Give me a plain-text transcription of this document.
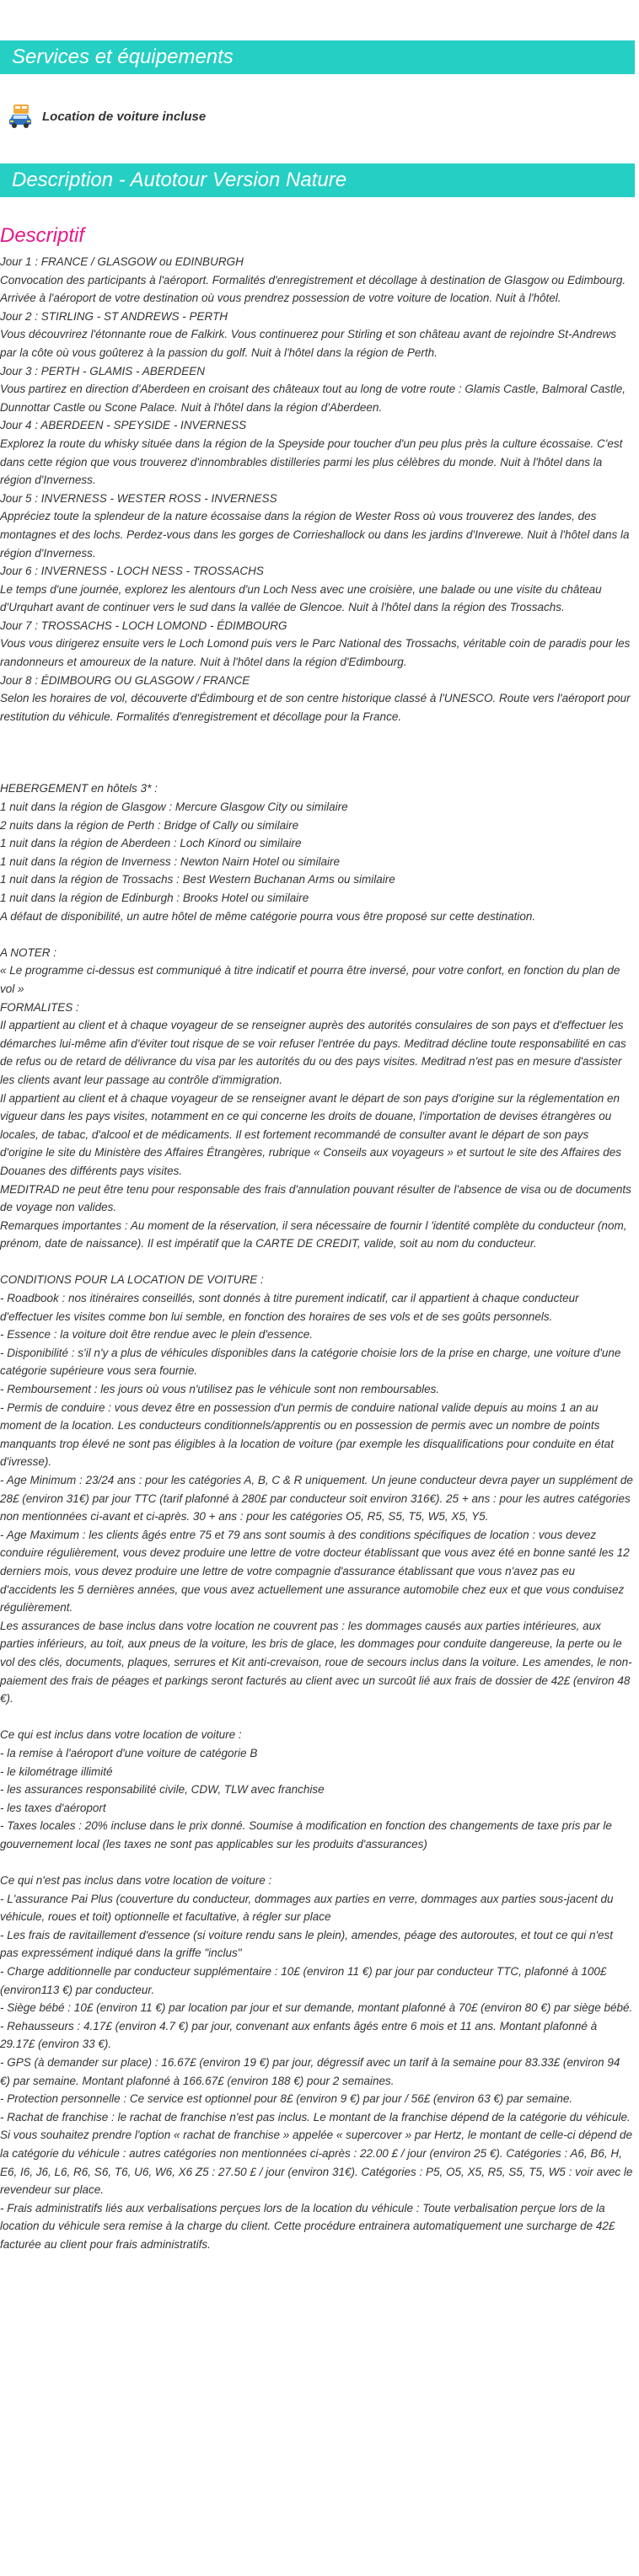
Services et équipements
Location de voiture incluse
Description - Autotour Version Nature
Descriptif

Jour 1 : FRANCE / GLASGOW ou EDINBURGH

Convocation des participants à l'aéroport. Formalités d'enregistrement et décollage à destination de Glasgow ou Edimbourg. Arrivée à l'aéroport de votre destination où vous prendrez possession de votre voiture de location. Nuit à l'hôtel.

Jour 2 : STIRLING - ST ANDREWS - PERTH

Vous découvrirez l'étonnante roue de Falkirk. Vous continuerez pour Stirling et son château avant de rejoindre St-Andrews par la côte où vous goûterez à la passion du golf. Nuit à l'hôtel dans la région de Perth.

Jour 3 : PERTH - GLAMIS - ABERDEEN

Vous partirez en direction d'Aberdeen en croisant des châteaux tout au long de votre route : Glamis Castle, Balmoral Castle, Dunnottar Castle ou Scone Palace. Nuit à l'hôtel dans la région d'Aberdeen.

Jour 4 : ABERDEEN - SPEYSIDE - INVERNESS

Explorez la route du whisky située dans la région de la Speyside pour toucher d'un peu plus près la culture écossaise. C'est dans cette région que vous trouverez d'innombrables distilleries parmi les plus célèbres du monde. Nuit à l'hôtel dans la région d'Inverness.

Jour 5 : INVERNESS - WESTER ROSS - INVERNESS

Appréciez toute la splendeur de la nature écossaise dans la région de Wester Ross où vous trouverez des landes, des montagnes et des lochs. Perdez-vous dans les gorges de Corrieshallock ou dans les jardins d'Inverewe. Nuit à l'hôtel dans la région d'Inverness.

Jour 6 : INVERNESS - LOCH NESS - TROSSACHS

Le temps d'une journée, explorez les alentours d'un Loch Ness avec une croisière, une balade ou une visite du château d'Urquhart avant de continuer vers le sud dans la vallée de Glencoe. Nuit à l'hôtel dans la région des Trossachs.

Jour 7 : TROSSACHS - LOCH LOMOND - ÉDIMBOURG

Vous vous dirigerez ensuite vers le Loch Lomond puis vers le Parc National des Trossachs, véritable coin de paradis pour les randonneurs et amoureux de la nature. Nuit à l'hôtel dans la région d'Edimbourg.

Jour 8 : ÉDIMBOURG OU GLASGOW / FRANCE

Selon les horaires de vol, découverte d'Édimbourg et de son centre historique classé à l'UNESCO. Route vers l'aéroport pour restitution du véhicule. Formalités d'enregistrement et décollage pour la France.

HEBERGEMENT en hôtels 3* :

1 nuit dans la région de Glasgow : Mercure Glasgow City ou similaire

2 nuits dans la région de Perth : Bridge of Cally ou similaire

1 nuit dans la région de Aberdeen : Loch Kinord ou similaire

1 nuit dans la région de Inverness : Newton Nairn Hotel ou similaire

1 nuit dans la région de Trossachs : Best Western Buchanan Arms ou similaire

1 nuit dans la région de Edinburgh : Brooks Hotel ou similaire

A défaut de disponibilité, un autre hôtel de même catégorie pourra vous être proposé sur cette destination.

A NOTER :

« Le programme ci-dessus est communiqué à titre indicatif et pourra être inversé, pour votre confort, en fonction du plan de vol »

FORMALITES :

Il appartient au client et à chaque voyageur de se renseigner auprès des autorités consulaires de son pays et d'effectuer les démarches lui-même afin d'éviter tout risque de se voir refuser l'entrée du pays. Meditrad décline toute responsabilité en cas de refus ou de retard de délivrance du visa par les autorités du ou des pays visites. Meditrad n'est pas en mesure d'assister les clients avant leur passage au contrôle d'immigration.

Il appartient au client et à chaque voyageur de se renseigner avant le départ de son pays d'origine sur la réglementation en vigueur dans les pays visites, notamment en ce qui concerne les droits de douane, l'importation de devises étrangères ou locales, de tabac, d'alcool et de médicaments. Il est fortement recommandé de consulter avant le départ de son pays d'origine le site du Ministère des Affaires Étrangères, rubrique « Conseils aux voyageurs » et surtout le site des Affaires des Douanes des différents pays visites.

MEDITRAD ne peut être tenu pour responsable des frais d'annulation pouvant résulter de l'absence de visa ou de documents de voyage non valides.

Remarques importantes : Au moment de la réservation, il sera nécessaire de fournir l 'identité complète du conducteur (nom, prénom, date de naissance). Il est impératif que la CARTE DE CREDIT, valide, soit au nom du conducteur.

CONDITIONS POUR LA LOCATION DE VOITURE :

- Roadbook : nos itinéraires conseillés, sont donnés à titre purement indicatif, car il appartient à chaque conducteur d'effectuer les visites comme bon lui semble, en fonction des horaires de ses vols et de ses goûts personnels.

- Essence : la voiture doit être rendue avec le plein d'essence.

- Disponibilité : s'il n'y a plus de véhicules disponibles dans la catégorie choisie lors de la prise en charge, une voiture d'une catégorie supérieure vous sera fournie.

- Remboursement : les jours où vous n'utilisez pas le véhicule sont non remboursables.

- Permis de conduire : vous devez être en possession d'un permis de conduire national valide depuis au moins 1 an au moment de la location. Les conducteurs conditionnels/apprentis ou en possession de permis avec un nombre de points manquants trop élevé ne sont pas éligibles à la location de voiture (par exemple les disqualifications pour conduite en état d'ivresse).

- Age Minimum : 23/24 ans : pour les catégories A, B, C & R uniquement. Un jeune conducteur devra payer un supplément de 28£ (environ 31€) par jour TTC (tarif plafonné à 280£ par conducteur soit environ 316€). 25 + ans : pour les autres catégories non mentionnées ci-avant et ci-après. 30 + ans : pour les catégories O5, R5, S5, T5, W5, X5, Y5.

- Age Maximum : les clients âgés entre 75 et 79 ans sont soumis à des conditions spécifiques de location : vous devez conduire régulièrement, vous devez produire une lettre de votre docteur établissant que vous avez été en bonne santé les 12 derniers mois, vous devez produire une lettre de votre compagnie d'assurance établissant que vous n'avez pas eu d'accidents les 5 dernières années, que vous avez actuellement une assurance automobile chez eux et que vous conduisez régulièrement.

Les assurances de base inclus dans votre location ne couvrent pas : les dommages causés aux parties intérieures, aux parties inférieurs, au toit, aux pneus de la voiture, les bris de glace, les dommages pour conduite dangereuse, la perte ou le vol des clés, documents, plaques, serrures et Kit anti-crevaison, roue de secours inclus dans la voiture. Les amendes, le non-paiement des frais de péages et parkings seront facturés au client avec un surcoût lié aux frais de dossier de 42£ (environ 48 €).

Ce qui est inclus dans votre location de voiture :

- la remise à l'aéroport d'une voiture de catégorie B

- le kilométrage illimité

- les assurances responsabilité civile, CDW, TLW avec franchise

- les taxes d'aéroport

- Taxes locales : 20% incluse dans le prix donné. Soumise à modification en fonction des changements de taxe pris par le gouvernement local (les taxes ne sont pas applicables sur les produits d'assurances)

Ce qui n'est pas inclus dans votre location de voiture :

- L'assurance Pai Plus (couverture du conducteur, dommages aux parties en verre, dommages aux parties sous-jacent du véhicule, roues et toit) optionnelle et facultative, à régler sur place

- Les frais de ravitaillement d'essence (si voiture rendu sans le plein), amendes, péage des autoroutes, et tout ce qui n'est pas expressément indiqué dans la griffe "inclus"

- Charge additionnelle par conducteur supplémentaire : 10£ (environ 11 €) par jour par conducteur TTC, plafonné à 100£ (environ113 €) par conducteur.

- Siège bébé : 10£ (environ 11 €) par location par jour et sur demande, montant plafonné à 70£ (environ 80 €) par siège bébé.

- Rehausseurs : 4.17£ (environ 4.7 €) par jour, convenant aux enfants âgés entre 6 mois et 11 ans. Montant plafonné à 29.17£ (environ 33 €).

- GPS (à demander sur place) : 16.67£ (environ 19 €) par jour, dégressif avec un tarif à la semaine pour 83.33£ (environ 94 €) par semaine. Montant plafonné à 166.67£ (environ 188 €) pour 2 semaines.

- Protection personnelle : Ce service est optionnel pour 8£ (environ 9 €) par jour / 56£ (environ 63 €) par semaine.

- Rachat de franchise : le rachat de franchise n'est pas inclus. Le montant de la franchise dépend de la catégorie du véhicule. Si vous souhaitez prendre l'option « rachat de franchise » appelée « supercover » par Hertz, le montant de celle-ci dépend de la catégorie du véhicule : autres catégories non mentionnées ci-après : 22.00 £ / jour (environ 25 €). Catégories : A6, B6, H, E6, I6, J6, L6, R6, S6, T6, U6, W6, X6 Z5 : 27.50 £ / jour (environ 31€). Catégories : P5, O5, X5, R5, S5, T5, W5 : voir avec le revendeur sur place.

- Frais administratifs liés aux verbalisations perçues lors de la location du véhicule : Toute verbalisation perçue lors de la location du véhicule sera remise à la charge du client. Cette procédure entrainera automatiquement une surcharge de 42£ facturée au client pour frais administratifs.
